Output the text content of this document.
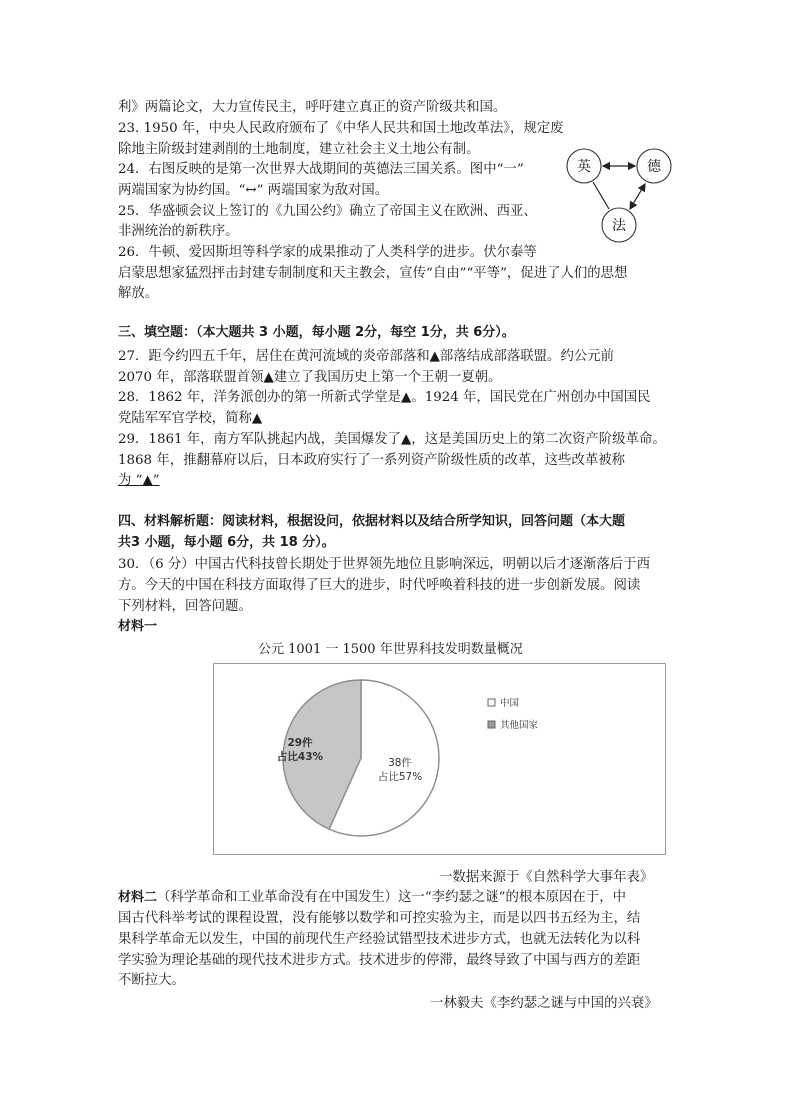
利》两篇论文，大力宣传民主，呼吁建立真正的资产阶级共和国。
23. 1950 年，中央人民政府颁布了《中华人民共和国土地改革法》，规定废
除地主阶级封建剥削的土地制度，建立社会主义土地公有制。
24．右图反映的是第一次世界大战期间的英德法三国关系。图中“一”
两端国家为协约国。“↔” 两端国家为敌对国。
25．华盛顿会议上签订的《九国公约》确立了帝国主义在欧洲、西亚、
非洲统治的新秩序。
26．牛顿、爱因斯坦等科学家的成果推动了人类科学的进步。伏尔泰等
启蒙思想家猛烈抨击封建专制制度和天主教会，宣传“自由”“平等”，促进了人们的思想
解放。
英	德
法
三、填空题：（本大题共 3 小题，每小题 2分，每空 1分，共 6分）。
27．距今约四五千年，居住在黄河流域的炎帝部落和▲部落结成部落联盟。约公元前
2070 年，部落联盟首领▲建立了我国历史上第一个王朝一夏朝。
28．1862 年，洋务派创办的第一所新式学堂是▲。1924 年，国民党在广州创办中国国民
党陆军军官学校，简称▲
29．1861 年，南方军队挑起内战，美国爆发了▲，这是美国历史上的第二次资产阶级革命。
1868 年，推翻幕府以后，日本政府实行了一系列资产阶级性质的改革，这些改革被称
为 “▲”
四、材料解析题：阅读材料，根据设问，依据材料以及结合所学知识，回答问题（本大题
共3 小题，每小题 6分，共 18 分）。
30．（6 分）中国古代科技曾长期处于世界领先地位且影响深远，明朝以后才逐渐落后于西
方。今天的中国在科技方面取得了巨大的进步，时代呼唤着科技的进一步创新发展。阅读
下列材料，回答问题。
材料一
公元 1001 一 1500 年世界科技发明数量概况
38件
占比57%
29件
占比43%
中国
其他国家
一数据来源于《自然科学大事年表》
材料二（科学革命和工业革命没有在中国发生）这一“李约瑟之谜”的根本原因在于，中
国古代科举考试的课程设置，没有能够以数学和可控实验为主，而是以四书五经为主，结
果科学革命无以发生，中国的前现代生产经验试错型技术进步方式，也就无法转化为以科
学实验为理论基础的现代技术进步方式。技术进步的停滞，最终导致了中国与西方的差距
不断拉大。
一林毅夫《李约瑟之谜与中国的兴衰》
